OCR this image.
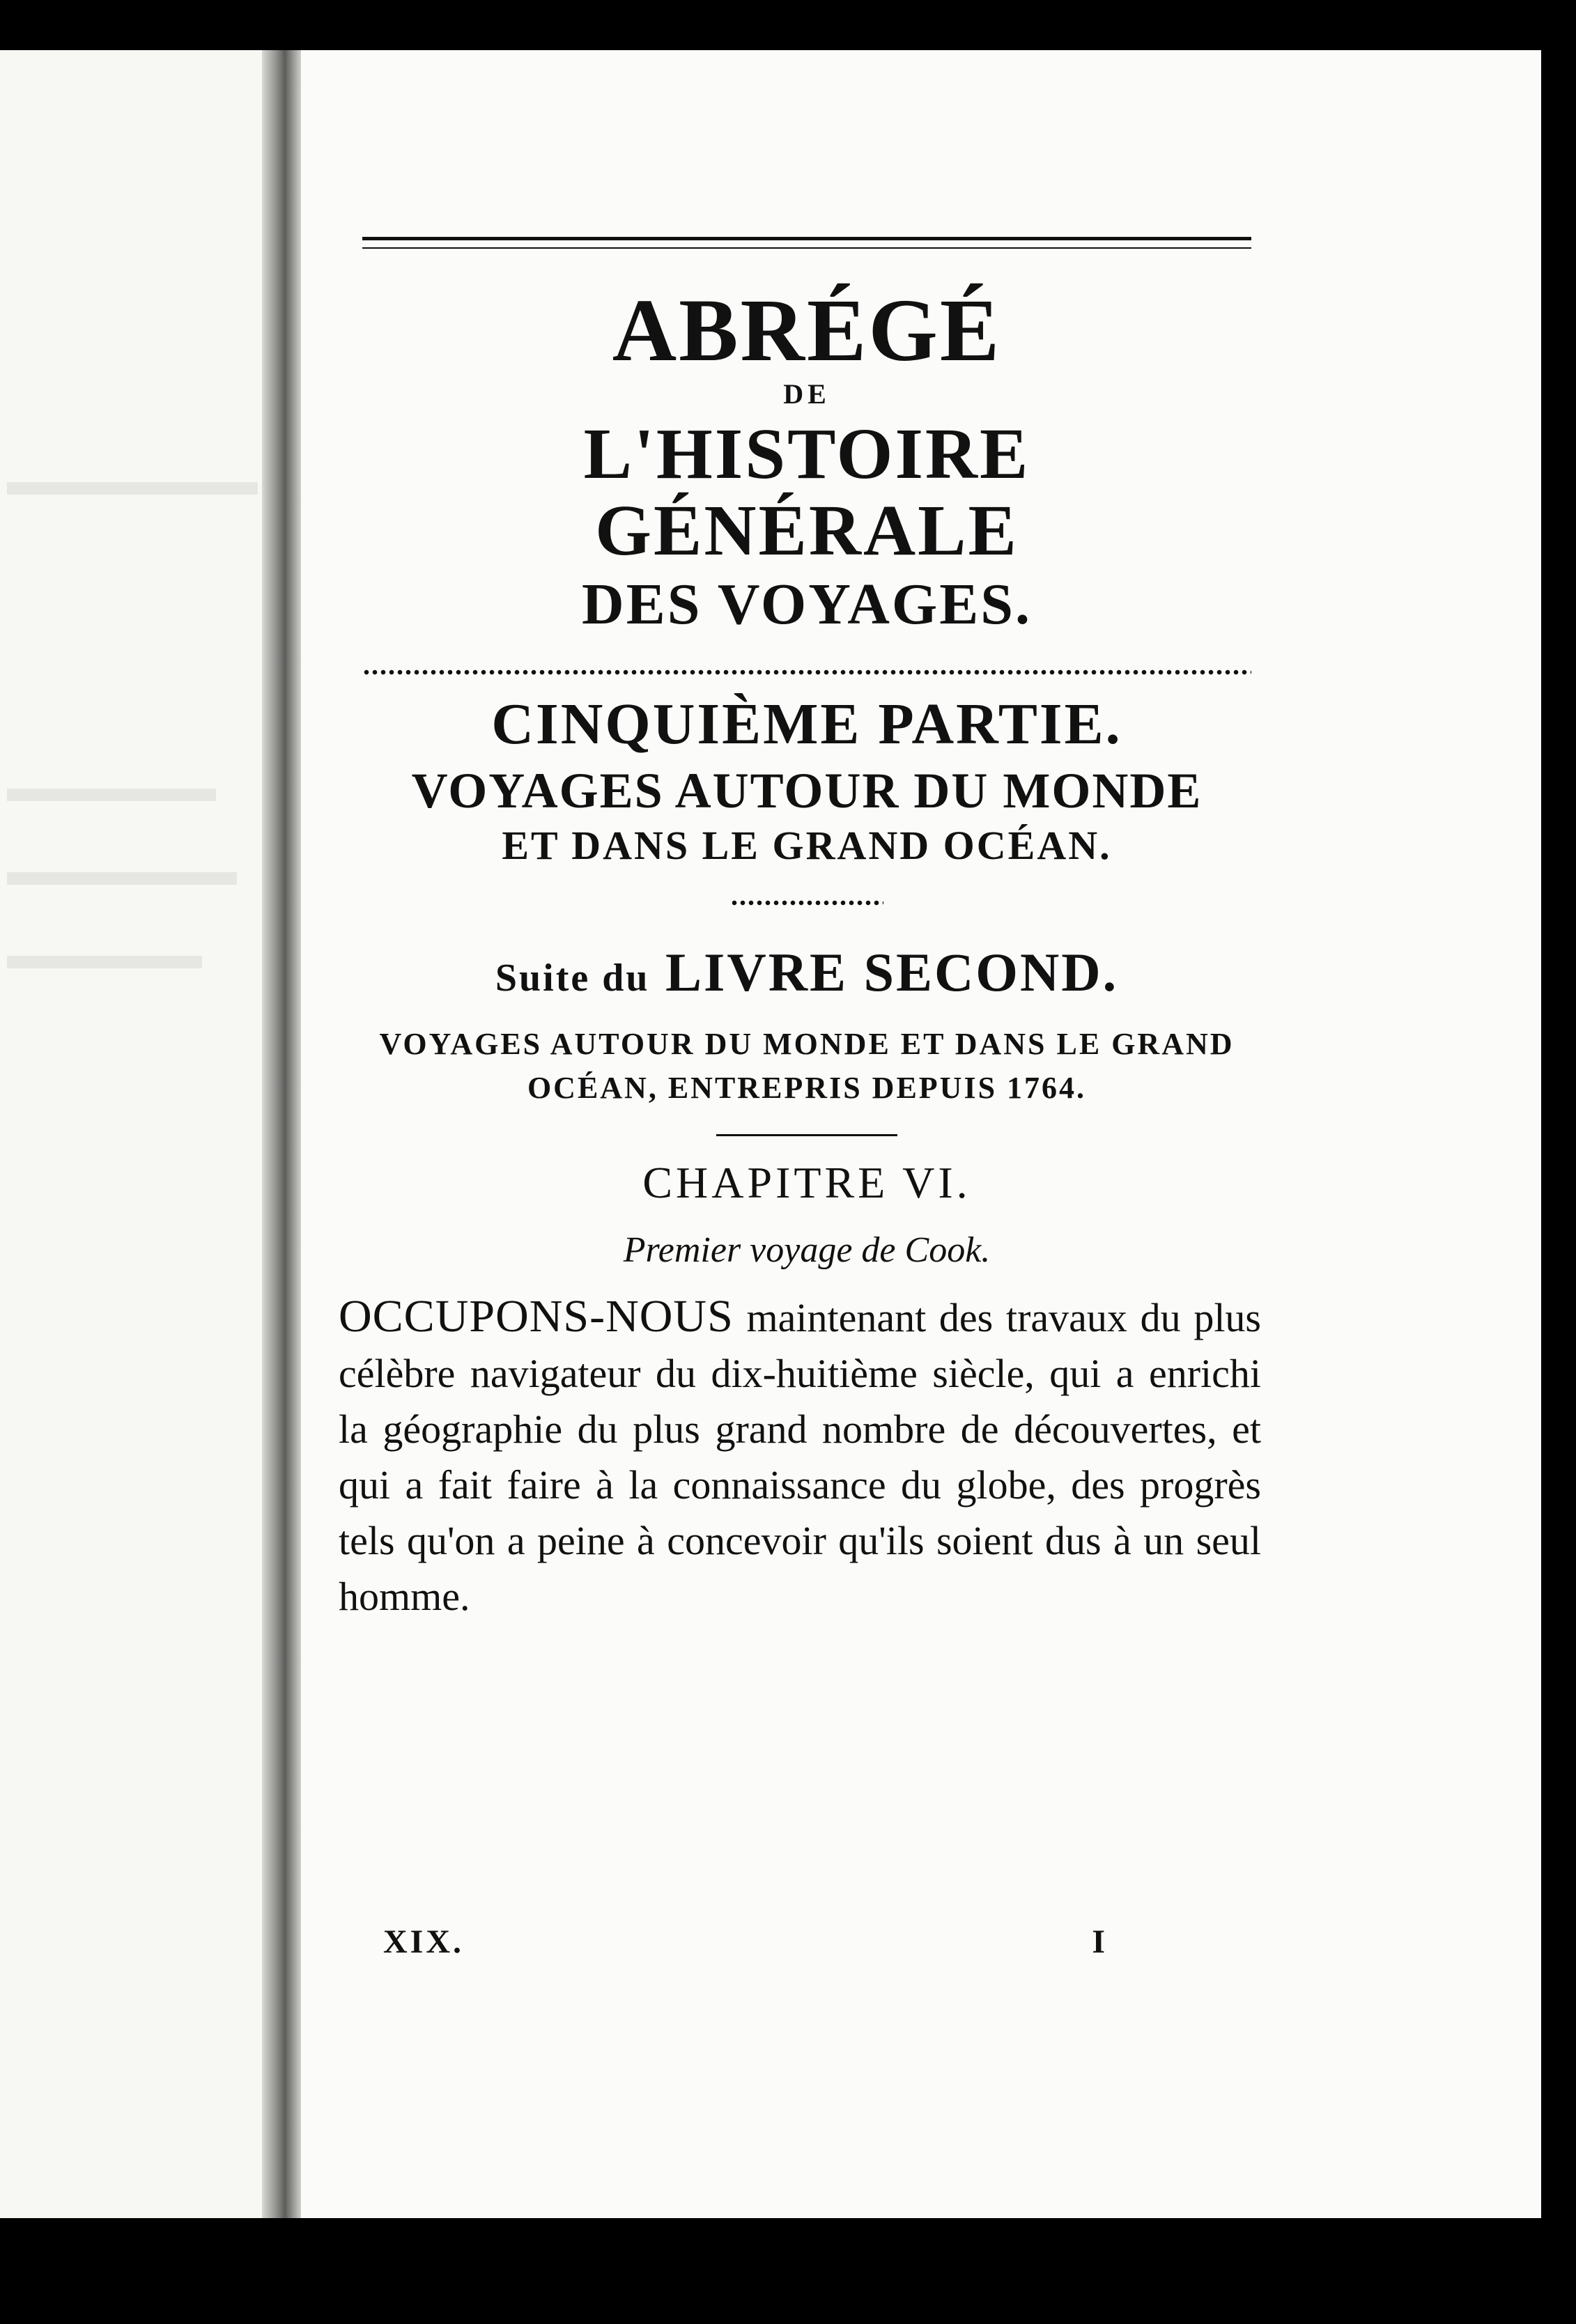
ABRÉGÉ

DE

L'HISTOIRE GÉNÉRALE

DES VOYAGES.

CINQUIÈME PARTIE.

VOYAGES AUTOUR DU MONDE

ET DANS LE GRAND OCÉAN.

Suite du LIVRE SECOND.
VOYAGES AUTOUR DU MONDE ET DANS LE GRAND
OCÉAN, ENTREPRIS DEPUIS 1764.
CHAPITRE VI.
Premier voyage de Cook.
OCCUPONS-NOUS maintenant des travaux du plus célèbre navigateur du dix-huitième siècle, qui a enrichi la géographie du plus grand nombre de découvertes, et qui a fait faire à la connaissance du globe, des progrès tels qu'on a peine à concevoir qu'ils soient dus à un seul homme.
XIX.	I
